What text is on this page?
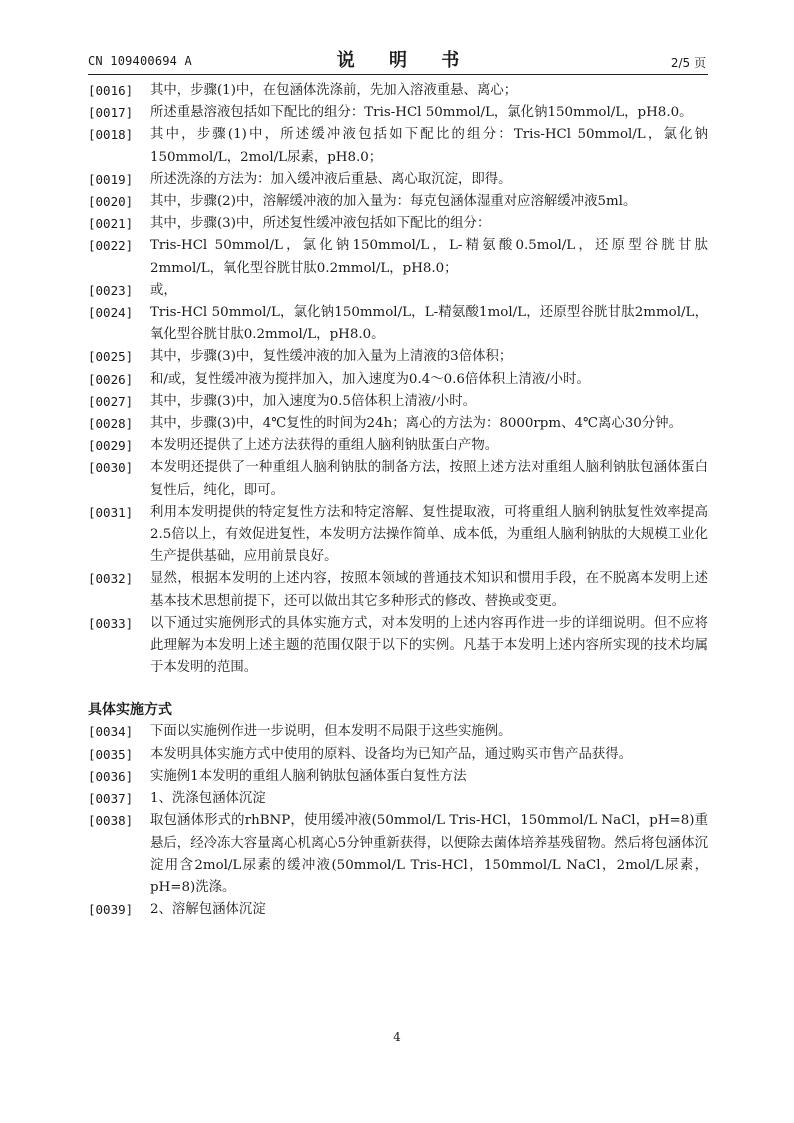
CN 109400694 A	说 明 书	2/5 页
[0016] 其中，步骤(1)中，在包涵体洗涤前，先加入溶液重悬、离心；
[0017] 所述重悬溶液包括如下配比的组分：Tris-HCl 50mmol/L，氯化钠150mmol/L，pH8.0。
[0018] 其中，步骤(1)中，所述缓冲液包括如下配比的组分：Tris-HCl 50mmol/L，氯化钠150mmol/L，2mol/L尿素，pH8.0；
[0019] 所述洗涤的方法为：加入缓冲液后重悬、离心取沉淀，即得。
[0020] 其中，步骤(2)中，溶解缓冲液的加入量为：每克包涵体湿重对应溶解缓冲液5ml。
[0021] 其中，步骤(3)中，所述复性缓冲液包括如下配比的组分：
[0022] Tris-HCl 50mmol/L，氯化钠150mmol/L，L-精氨酸0.5mol/L，还原型谷胱甘肽2mmol/L，氧化型谷胱甘肽0.2mmol/L，pH8.0；
[0023] 或，
[0024] Tris-HCl 50mmol/L，氯化钠150mmol/L，L-精氨酸1mol/L，还原型谷胱甘肽2mmol/L，氧化型谷胱甘肽0.2mmol/L，pH8.0。
[0025] 其中，步骤(3)中，复性缓冲液的加入量为上清液的3倍体积；
[0026] 和/或，复性缓冲液为搅拌加入，加入速度为0.4～0.6倍体积上清液/小时。
[0027] 其中，步骤(3)中，加入速度为0.5倍体积上清液/小时。
[0028] 其中，步骤(3)中，4℃复性的时间为24h；离心的方法为：8000rpm、4℃离心30分钟。
[0029] 本发明还提供了上述方法获得的重组人脑利钠肽蛋白产物。
[0030] 本发明还提供了一种重组人脑利钠肽的制备方法，按照上述方法对重组人脑利钠肽包涵体蛋白复性后，纯化，即可。
[0031] 利用本发明提供的特定复性方法和特定溶解、复性提取液，可将重组人脑利钠肽复性效率提高2.5倍以上，有效促进复性，本发明方法操作简单、成本低，为重组人脑利钠肽的大规模工业化生产提供基础，应用前景良好。
[0032] 显然，根据本发明的上述内容，按照本领域的普通技术知识和惯用手段，在不脱离本发明上述基本技术思想前提下，还可以做出其它多种形式的修改、替换或变更。
[0033] 以下通过实施例形式的具体实施方式，对本发明的上述内容再作进一步的详细说明。但不应将此理解为本发明上述主题的范围仅限于以下的实例。凡基于本发明上述内容所实现的技术均属于本发明的范围。
具体实施方式
[0034] 下面以实施例作进一步说明，但本发明不局限于这些实施例。
[0035] 本发明具体实施方式中使用的原料、设备均为已知产品，通过购买市售产品获得。
[0036] 实施例1本发明的重组人脑利钠肽包涵体蛋白复性方法
[0037] 1、洗涤包涵体沉淀
[0038] 取包涵体形式的rhBNP，使用缓冲液(50mmol/L Tris-HCl，150mmol/L NaCl，pH=8)重悬后，经冷冻大容量离心机离心5分钟重新获得，以便除去菌体培养基残留物。然后将包涵体沉淀用含2mol/L尿素的缓冲液(50mmol/L Tris-HCl，150mmol/L NaCl，2mol/L尿素，pH=8)洗涤。
[0039] 2、溶解包涵体沉淀
4
